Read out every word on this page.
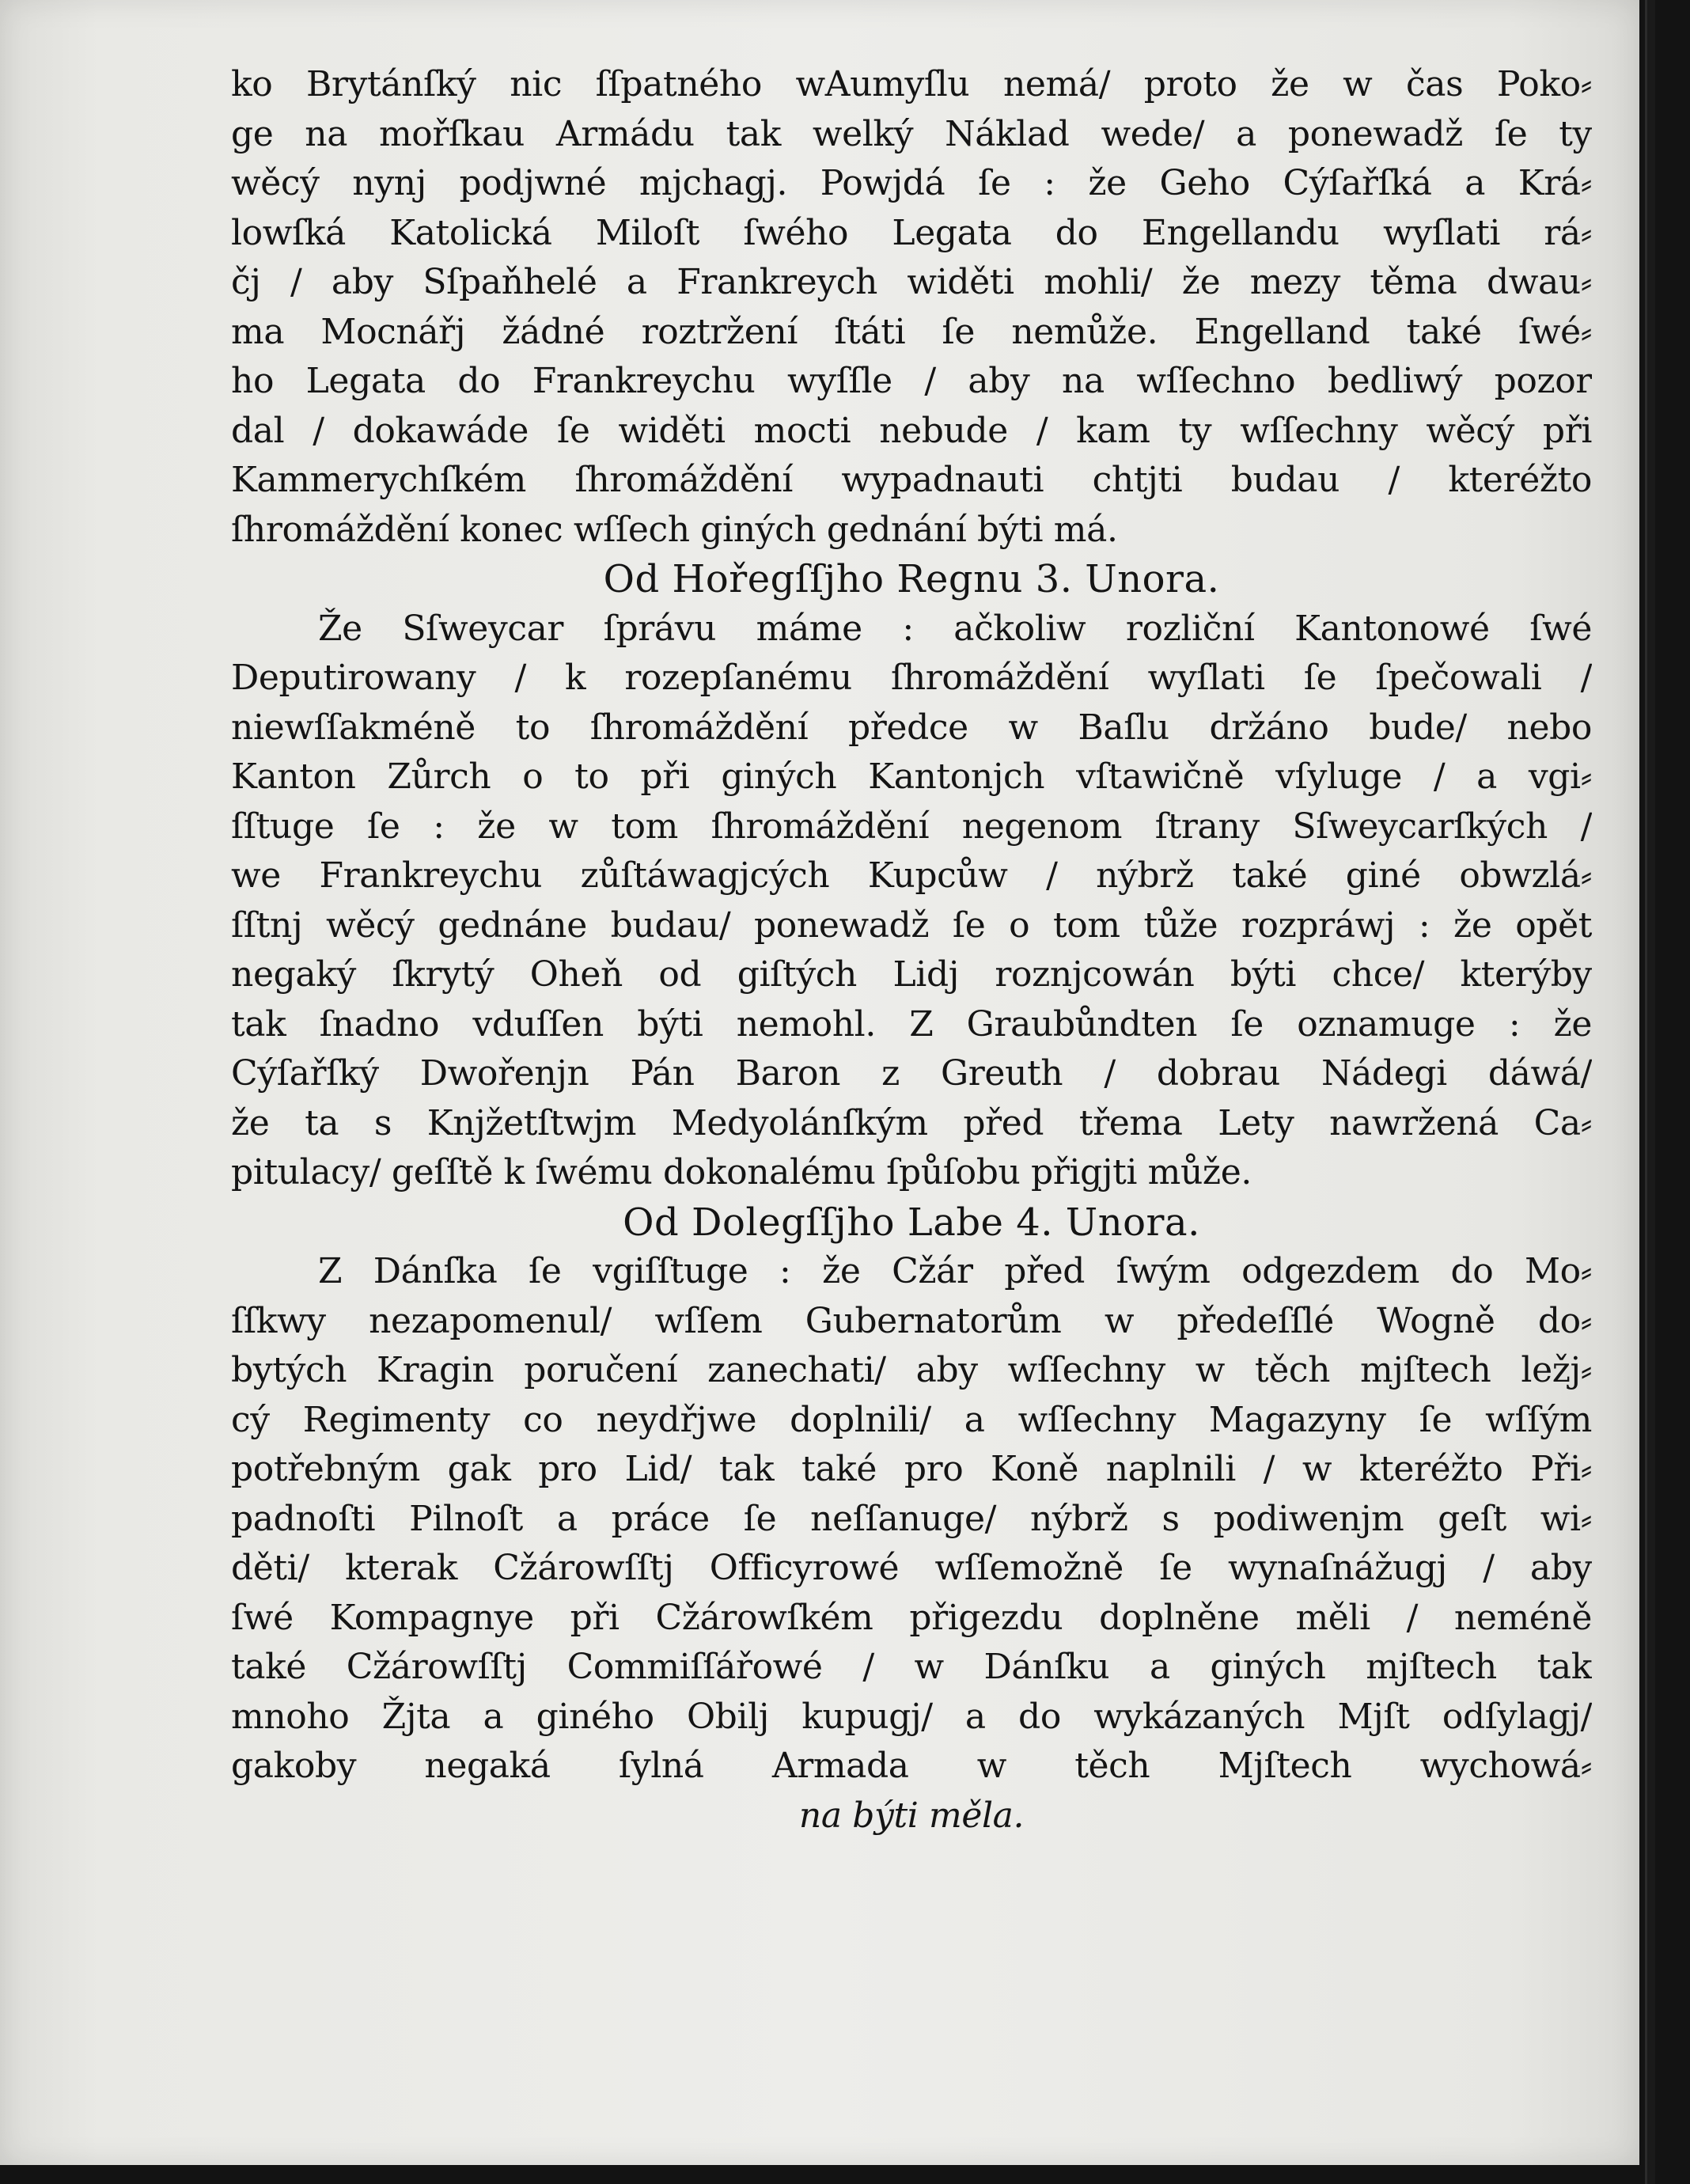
ko Brytánſký nic ſſpatného wAumyſlu nemá/ proto že w čas Poko⸗
ge na mořſkau Armádu tak welký Náklad wede/ a ponewadž ſe ty
wěcý nynj podjwné mjchagj. Powjdá ſe : že Geho Cýſařſká a Krá⸗
lowſká Katolická Miloſt ſwého Legata do Engellandu wyſlati rá⸗
čj / aby Sſpaňhelé a Frankreych widěti mohli/ že mezy těma dwau⸗
ma Mocnářj žádné roztržení ſtáti ſe nemůže. Engelland také ſwé⸗
ho Legata do Frankreychu wyſſle / aby na wſſechno bedliwý pozor
dal / dokawáde ſe widěti mocti nebude / kam ty wſſechny wěcý při
Kammerychſkém ſhromáždění wypadnauti chtjti budau / kteréžto
ſhromáždění konec wſſech giných gednání býti má.
Od Hořegſſjho Regnu 3. Unora.
Že Sſweycar ſprávu máme : ačkoliw rozliční Kantonowé ſwé
Deputirowany / k rozepſanému ſhromáždění wyſlati ſe ſpečowali /
niewſſakméně to ſhromáždění předce w Baſlu držáno bude/ nebo
Kanton Zůrch o to při giných Kantonjch vſtawičně vſyluge / a vgi⸗
ſſtuge ſe : že w tom ſhromáždění negenom ſtrany Sſweycarſkých /
we Frankreychu zůſtáwagjcých Kupcůw / nýbrž také giné obwzlá⸗
ſſtnj wěcý gednáne budau/ ponewadž ſe o tom tůže rozpráwj : že opět
negaký ſkrytý Oheň od giſtých Lidj roznjcowán býti chce/ kterýby
tak ſnadno vduſſen býti nemohl. Z Graubůndten ſe oznamuge : že
Cýſařſký Dwořenjn Pán Baron z Greuth / dobrau Nádegi dáwá/
že ta s Knjžetſtwjm Medyolánſkým před třema Lety nawržená Ca⸗
pitulacy/ geſſtě k ſwému dokonalému ſpůſobu přigjti může.
Od Dolegſſjho Labe 4. Unora.
Z Dánſka ſe vgiſſtuge : že Cžár před ſwým odgezdem do Mo⸗
ſſkwy nezapomenul/ wſſem Gubernatorům w předeſſlé Wogně do⸗
bytých Kragin poručení zanechati/ aby wſſechny w těch mjſtech ležj⸗
cý Regimenty co neydřjwe doplnili/ a wſſechny Magazyny ſe wſſým
potřebným gak pro Lid/ tak také pro Koně naplnili / w kteréžto Při⸗
padnoſti Pilnoſt a práce ſe neſſanuge/ nýbrž s podiwenjm geſt wi⸗
děti/ kterak Cžárowſſtj Officyrowé wſſemožně ſe wynaſnážugj / aby
ſwé Kompagnye při Cžárowſkém přigezdu doplněne měli / neméně
také Cžárowſſtj Commiſſářowé / w Dánſku a giných mjſtech tak
mnoho Žjta a giného Obilj kupugj/ a do wykázaných Mjſt odſylagj/
gakoby negaká ſylná Armada w těch Mjſtech wychowá⸗
na býti měla.
